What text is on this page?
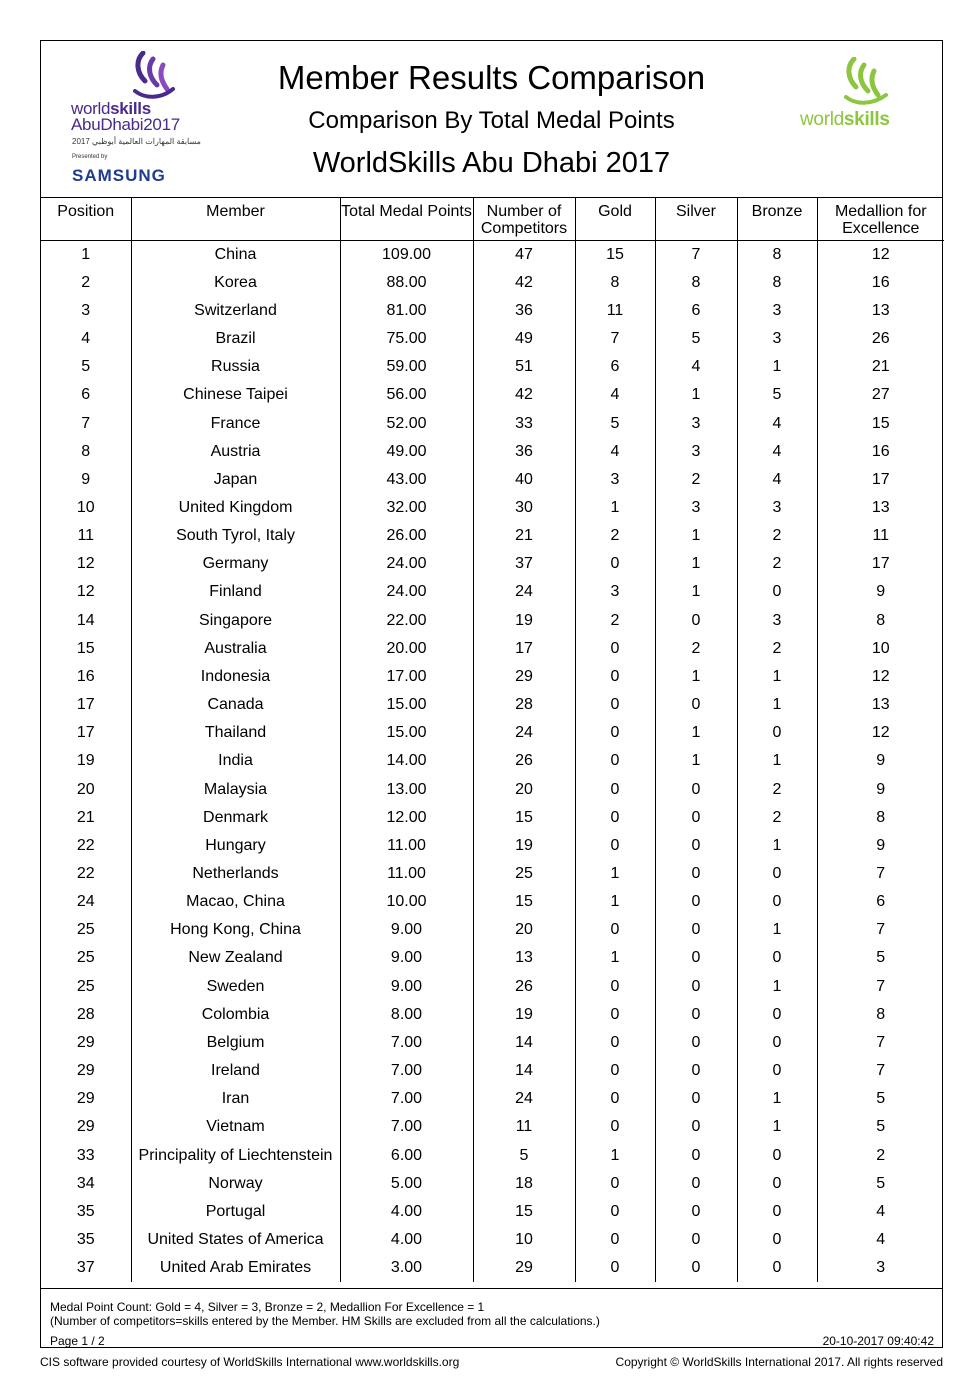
worldskills
AbuDhabi2017
2017 مسابقة المهارات العالمية أبوظبي
Presented by
SAMSUNG
Member Results Comparison
Comparison By Total Medal Points
WorldSkills Abu Dhabi 2017
worldskills
Position	Member	Total Medal Points	Number of Competitors	Gold	Silver	Bronze	Medallion for Excellence
1	China	109.00	47	15	7	8	12
2	Korea	88.00	42	8	8	8	16
3	Switzerland	81.00	36	11	6	3	13
4	Brazil	75.00	49	7	5	3	26
5	Russia	59.00	51	6	4	1	21
6	Chinese Taipei	56.00	42	4	1	5	27
7	France	52.00	33	5	3	4	15
8	Austria	49.00	36	4	3	4	16
9	Japan	43.00	40	3	2	4	17
10	United Kingdom	32.00	30	1	3	3	13
11	South Tyrol, Italy	26.00	21	2	1	2	11
12	Germany	24.00	37	0	1	2	17
12	Finland	24.00	24	3	1	0	9
14	Singapore	22.00	19	2	0	3	8
15	Australia	20.00	17	0	2	2	10
16	Indonesia	17.00	29	0	1	1	12
17	Canada	15.00	28	0	0	1	13
17	Thailand	15.00	24	0	1	0	12
19	India	14.00	26	0	1	1	9
20	Malaysia	13.00	20	0	0	2	9
21	Denmark	12.00	15	0	0	2	8
22	Hungary	11.00	19	0	0	1	9
22	Netherlands	11.00	25	1	0	0	7
24	Macao, China	10.00	15	1	0	0	6
25	Hong Kong, China	9.00	20	0	0	1	7
25	New Zealand	9.00	13	1	0	0	5
25	Sweden	9.00	26	0	0	1	7
28	Colombia	8.00	19	0	0	0	8
29	Belgium	7.00	14	0	0	0	7
29	Ireland	7.00	14	0	0	0	7
29	Iran	7.00	24	0	0	1	5
29	Vietnam	7.00	11	0	0	1	5
33	Principality of Liechtenstein	6.00	5	1	0	0	2
34	Norway	5.00	18	0	0	0	5
35	Portugal	4.00	15	0	0	0	4
35	United States of America	4.00	10	0	0	0	4
37	United Arab Emirates	3.00	29	0	0	0	3
Medal Point Count: Gold = 4, Silver = 3, Bronze = 2, Medallion For Excellence = 1
(Number of competitors=skills entered by the Member. HM Skills are excluded from all the calculations.)
Page 1 / 2	20-10-2017 09:40:42
CIS software provided courtesy of WorldSkills International www.worldskills.org	Copyright © WorldSkills International 2017. All rights reserved
